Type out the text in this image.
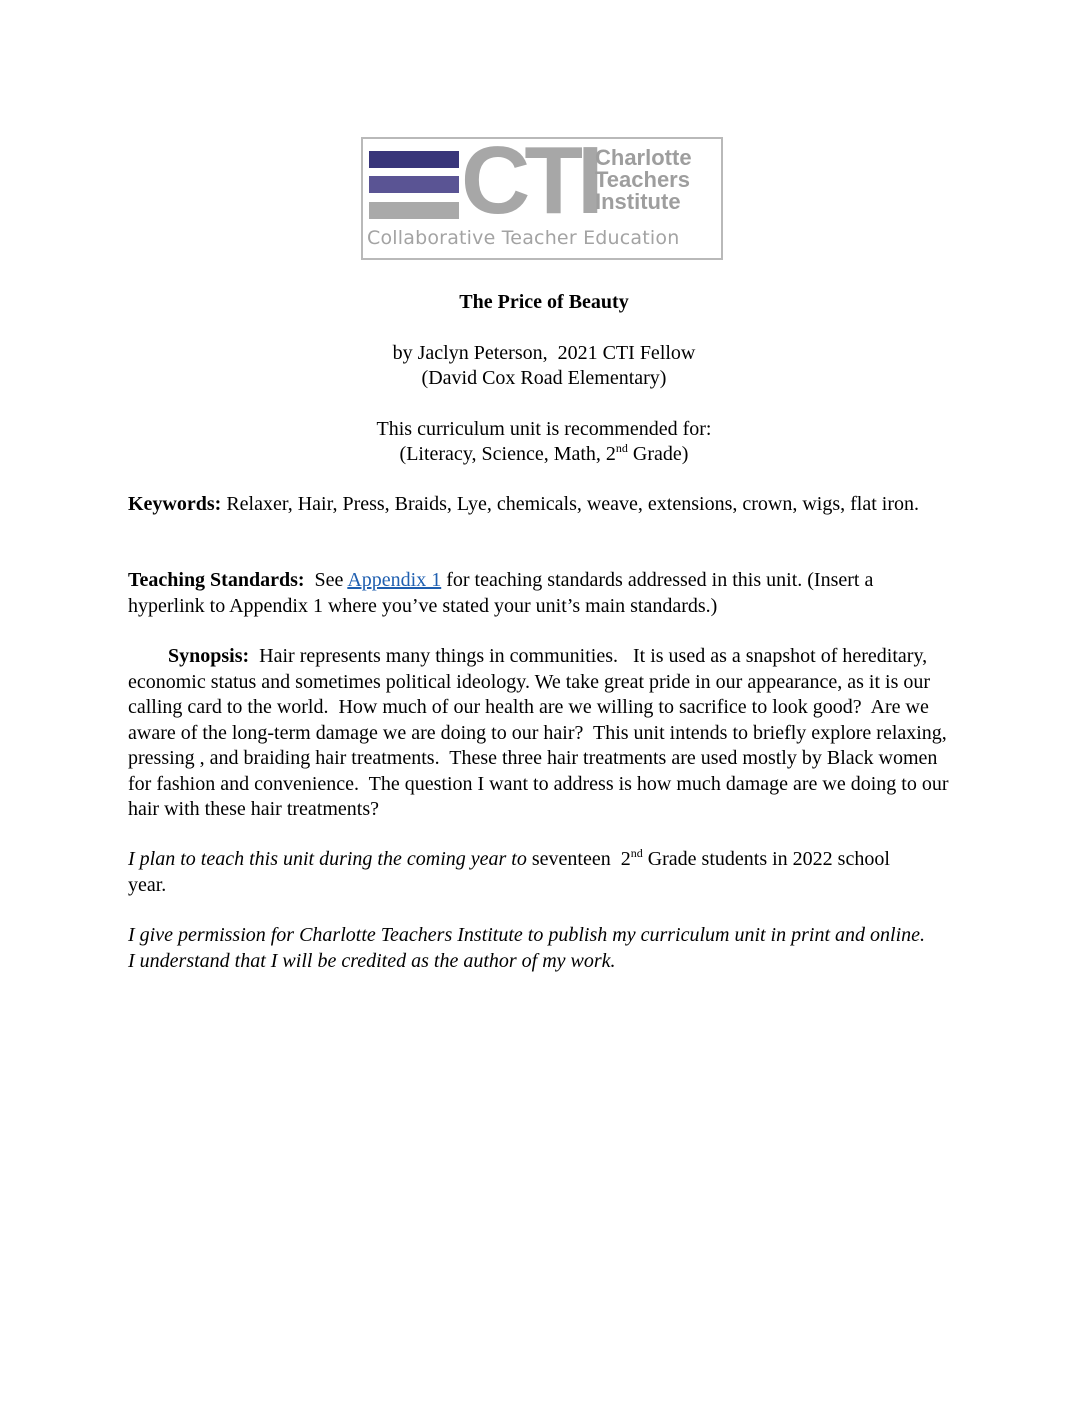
CTI
Charlotte
Teachers
Institute
Collaborative Teacher Education
The Price of Beauty
by Jaclyn Peterson,  2021 CTI Fellow
(David Cox Road Elementary)
This curriculum unit is recommended for:
(Literacy, Science, Math, 2nd Grade)
Keywords: Relaxer, Hair, Press, Braids, Lye, chemicals, weave, extensions, crown, wigs, flat iron.
Teaching Standards:  See Appendix 1 for teaching standards addressed in this unit. (Insert a hyperlink to Appendix 1 where you’ve stated your unit’s main standards.)
Synopsis:  Hair represents many things in communities.   It is used as a snapshot of hereditary, economic status and sometimes political ideology. We take great pride in our appearance, as it is our calling card to the world.  How much of our health are we willing to sacrifice to look good?  Are we aware of the long-term damage we are doing to our hair?  This unit intends to briefly explore relaxing, pressing , and braiding hair treatments.  These three hair treatments are used mostly by Black women for fashion and convenience.  The question I want to address is how much damage are we doing to our hair with these hair treatments?
I plan to teach this unit during the coming year to seventeen  2nd Grade students in 2022 school year.
I give permission for Charlotte Teachers Institute to publish my curriculum unit in print and online. I understand that I will be credited as the author of my work.
